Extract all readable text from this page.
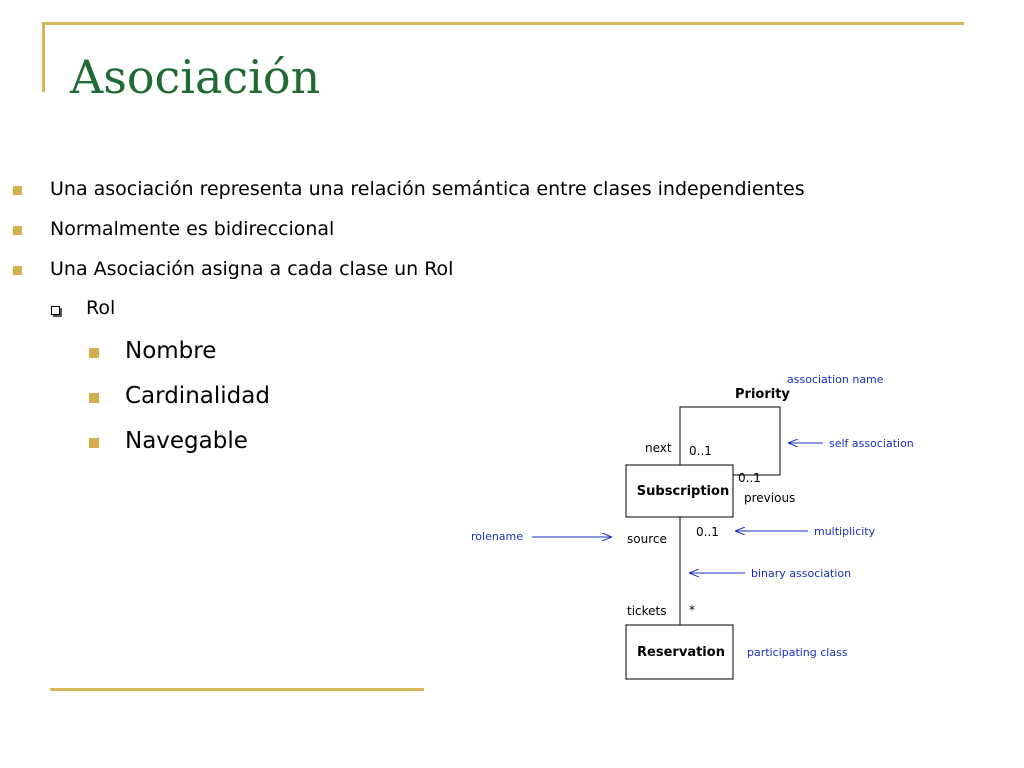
Asociación
Una asociación representa una relación semántica entre clases independientes
Normalmente es bidireccional
Una Asociación asigna a cada clase un Rol
Rol
Nombre
Cardinalidad
Navegable
Subscription
Reservation
Priority
next 0..1
0..1
previous
source 0..1
tickets *
association name
self association
multiplicity
rolename
binary association
participating class
